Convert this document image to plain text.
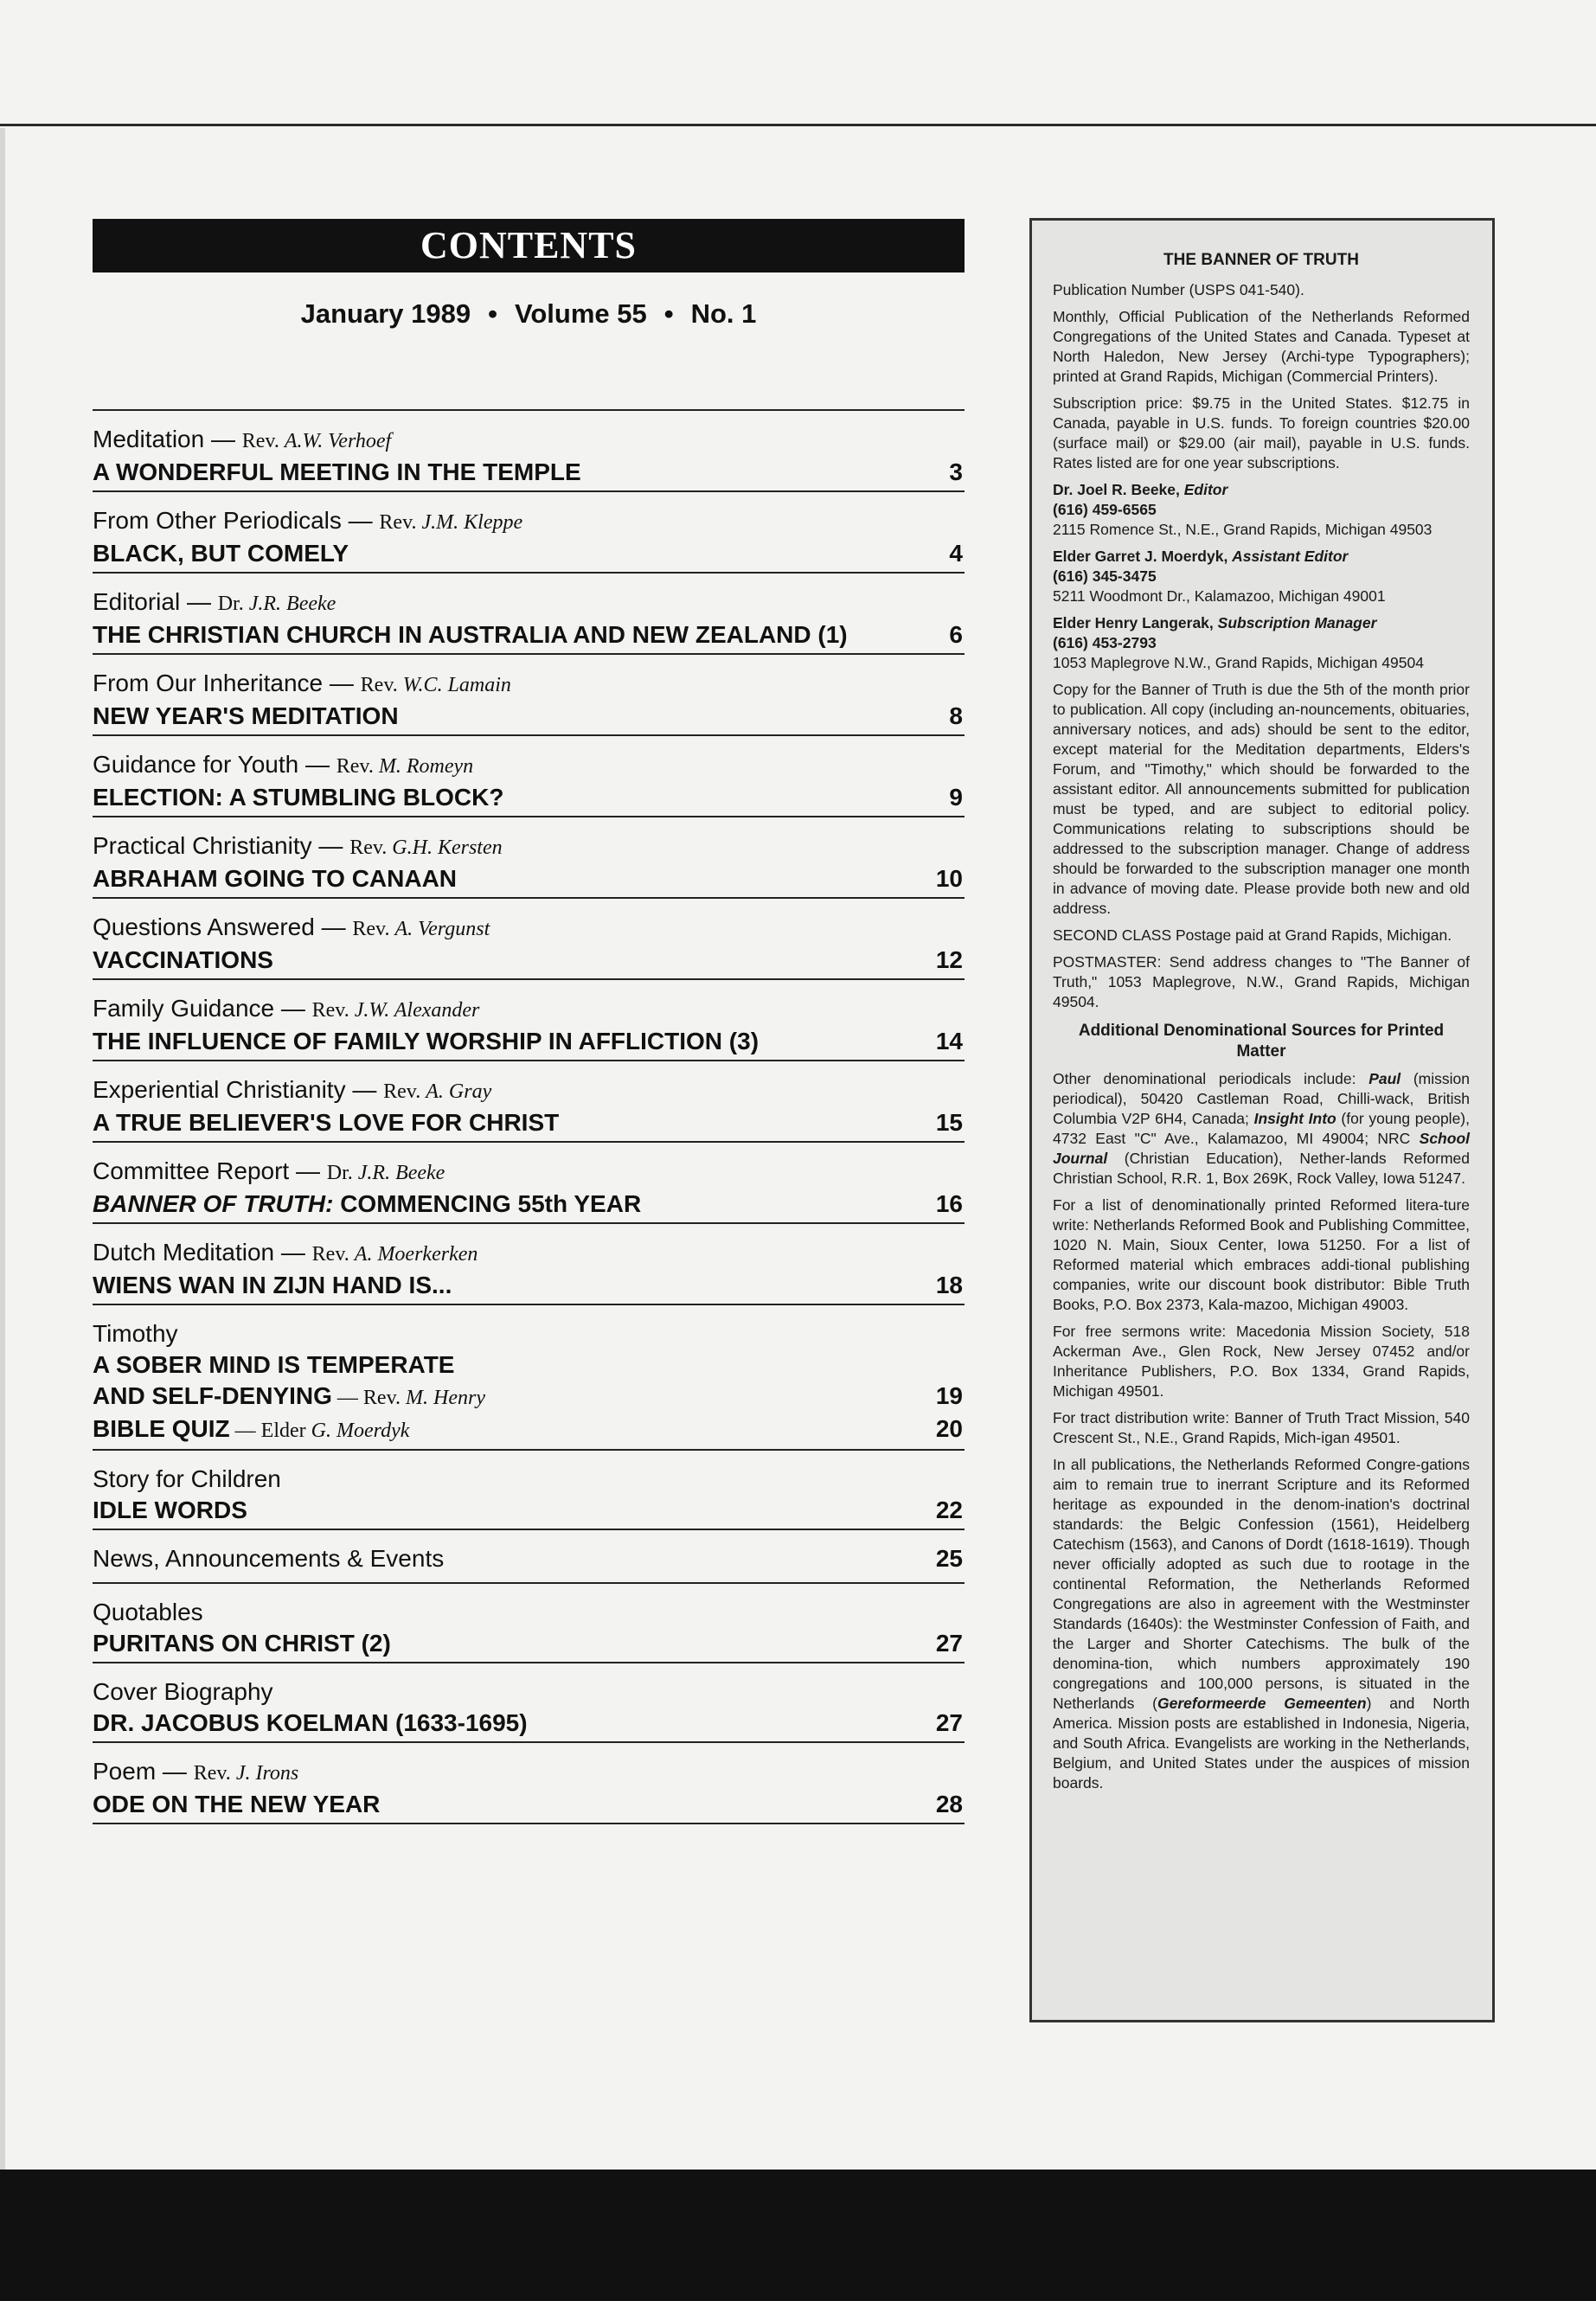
CONTENTS
January 1989 • Volume 55 • No. 1
Meditation — Rev. A.W. Verhoef
A WONDERFUL MEETING IN THE TEMPLE	3
From Other Periodicals — Rev. J.M. Kleppe
BLACK, BUT COMELY	4
Editorial — Dr. J.R. Beeke
THE CHRISTIAN CHURCH IN AUSTRALIA AND NEW ZEALAND (1)	6
From Our Inheritance — Rev. W.C. Lamain
NEW YEAR'S MEDITATION	8
Guidance for Youth — Rev. M. Romeyn
ELECTION: A STUMBLING BLOCK?	9
Practical Christianity — Rev. G.H. Kersten
ABRAHAM GOING TO CANAAN	10
Questions Answered — Rev. A. Vergunst
VACCINATIONS	12
Family Guidance — Rev. J.W. Alexander
THE INFLUENCE OF FAMILY WORSHIP IN AFFLICTION (3)	14
Experiential Christianity — Rev. A. Gray
A TRUE BELIEVER'S LOVE FOR CHRIST	15
Committee Report — Dr. J.R. Beeke
BANNER OF TRUTH: COMMENCING 55th YEAR	16
Dutch Meditation — Rev. A. Moerkerken
WIENS WAN IN ZIJN HAND IS...	18
Timothy
A SOBER MIND IS TEMPERATE
AND SELF-DENYING — Rev. M. Henry	19
BIBLE QUIZ — Elder G. Moerdyk	20
Story for Children
IDLE WORDS	22
News, Announcements & Events	25
Quotables
PURITANS ON CHRIST (2)	27
Cover Biography
DR. JACOBUS KOELMAN (1633-1695)	27
Poem — Rev. J. Irons
ODE ON THE NEW YEAR	28
THE BANNER OF TRUTH

Publication Number (USPS 041-540).

Monthly, Official Publication of the Netherlands Reformed Congregations of the United States and Canada. Typeset at North Haledon, New Jersey (Archi-type Typographers); printed at Grand Rapids, Michigan (Commercial Printers).

Subscription price: $9.75 in the United States. $12.75 in Canada, payable in U.S. funds. To foreign countries $20.00 (surface mail) or $29.00 (air mail), payable in U.S. funds. Rates listed are for one year subscriptions.

Dr. Joel R. Beeke, Editor
(616) 459-6565
2115 Romence St., N.E., Grand Rapids, Michigan 49503
Elder Garret J. Moerdyk, Assistant Editor
(616) 345-3475
5211 Woodmont Dr., Kalamazoo, Michigan 49001
Elder Henry Langerak, Subscription Manager
(616) 453-2793
1053 Maplegrove N.W., Grand Rapids, Michigan 49504

Copy for the Banner of Truth is due the 5th of the month prior to publication. All copy (including an-nouncements, obituaries, anniversary notices, and ads) should be sent to the editor, except material for the Meditation departments, Elders's Forum, and "Timothy," which should be forwarded to the assistant editor. All announcements submitted for publication must be typed, and are subject to editorial policy. Communications relating to subscriptions should be addressed to the subscription manager. Change of address should be forwarded to the subscription manager one month in advance of moving date. Please provide both new and old address.

SECOND CLASS Postage paid at Grand Rapids, Michigan.

POSTMASTER: Send address changes to "The Banner of Truth," 1053 Maplegrove, N.W., Grand Rapids, Michigan 49504.

Additional Denominational Sources for Printed Matter

Other denominational periodicals include: Paul (mission periodical), 50420 Castleman Road, Chilli-wack, British Columbia V2P 6H4, Canada; Insight Into (for young people), 4732 East "C" Ave., Kalamazoo, MI 49004; NRC School Journal (Christian Education), Nether-lands Reformed Christian School, R.R. 1, Box 269K, Rock Valley, Iowa 51247.

For a list of denominationally printed Reformed litera-ture write: Netherlands Reformed Book and Publishing Committee, 1020 N. Main, Sioux Center, Iowa 51250. For a list of Reformed material which embraces addi-tional publishing companies, write our discount book distributor: Bible Truth Books, P.O. Box 2373, Kala-mazoo, Michigan 49003.

For free sermons write: Macedonia Mission Society, 518 Ackerman Ave., Glen Rock, New Jersey 07452 and/or Inheritance Publishers, P.O. Box 1334, Grand Rapids, Michigan 49501.

For tract distribution write: Banner of Truth Tract Mission, 540 Crescent St., N.E., Grand Rapids, Mich-igan 49501.

In all publications, the Netherlands Reformed Congre-gations aim to remain true to inerrant Scripture and its Reformed heritage as expounded in the denom-ination's doctrinal standards: the Belgic Confession (1561), Heidelberg Catechism (1563), and Canons of Dordt (1618-1619). Though never officially adopted as such due to rootage in the continental Reformation, the Netherlands Reformed Congregations are also in agreement with the Westminster Standards (1640s): the Westminster Confession of Faith, and the Larger and Shorter Catechisms. The bulk of the denomina-tion, which numbers approximately 190 congregations and 100,000 persons, is situated in the Netherlands (Gereformeerde Gemeenten) and North America. Mission posts are established in Indonesia, Nigeria, and South Africa. Evangelists are working in the Netherlands, Belgium, and United States under the auspices of mission boards.
